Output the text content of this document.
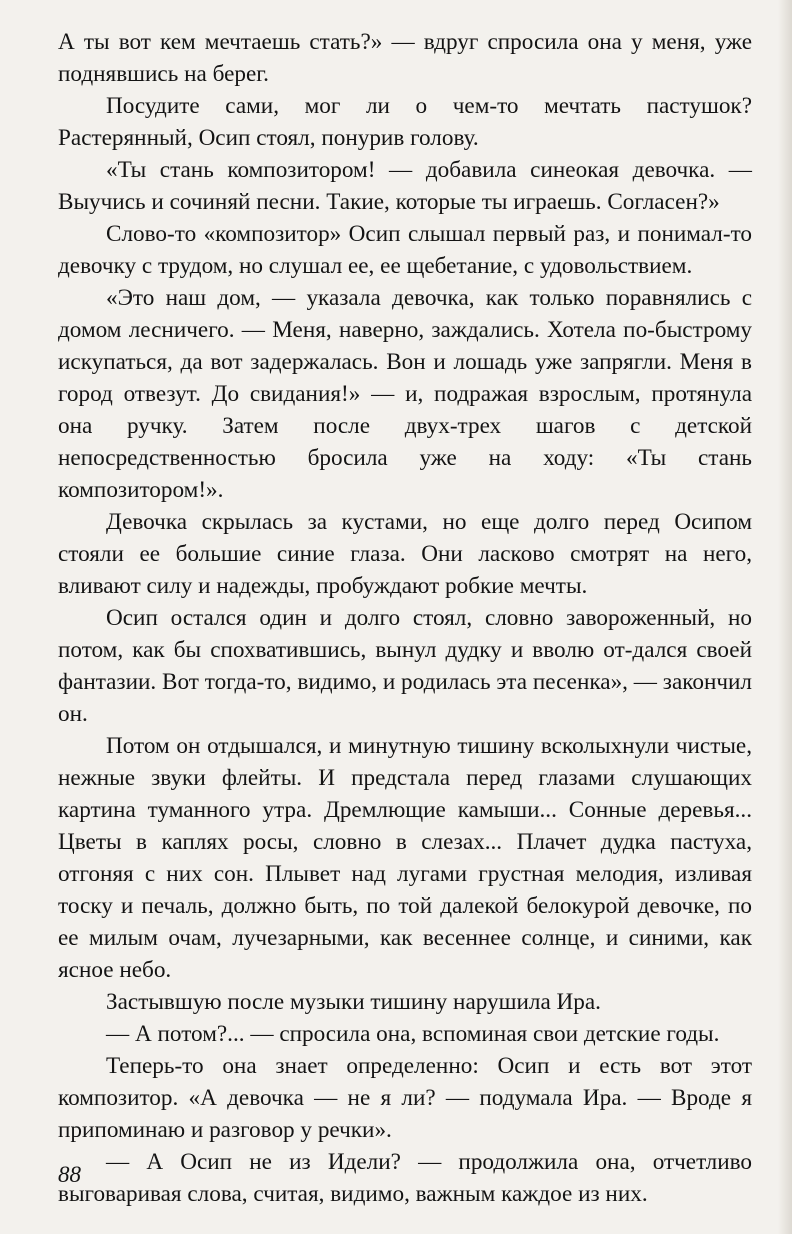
А ты вот кем мечтаешь стать?» — вдруг спросила она у меня, уже поднявшись на берег.

Посудите сами, мог ли о чем-то мечтать пастушок? Растерянный, Осип стоял, понурив голову.

«Ты стань композитором! — добавила синеокая девочка. — Выучись и сочиняй песни. Такие, которые ты играешь. Согласен?»

Слово-то «композитор» Осип слышал первый раз, и понимал-то девочку с трудом, но слушал ее, ее щебетание, с удовольствием.

«Это наш дом, — указала девочка, как только поравнялись с домом лесничего. — Меня, наверно, заждались. Хотела по-быстрому искупаться, да вот задержалась. Вон и лошадь уже запрягли. Меня в город отвезут. До свидания!» — и, подражая взрослым, протянула она ручку. Затем после двух-трех шагов с детской непосредственностью бросила уже на ходу: «Ты стань композитором!».

Девочка скрылась за кустами, но еще долго перед Осипом стояли ее большие синие глаза. Они ласково смотрят на него, вливают силу и надежды, пробуждают робкие мечты.

Осип остался один и долго стоял, словно завороженный, но потом, как бы спохватившись, вынул дудку и вволю от-дался своей фантазии. Вот тогда-то, видимо, и родилась эта песенка», — закончил он.

Потом он отдышался, и минутную тишину всколыхнули чистые, нежные звуки флейты. И предстала перед глазами слушающих картина туманного утра. Дремлющие камыши... Сонные деревья... Цветы в каплях росы, словно в слезах... Плачет дудка пастуха, отгоняя с них сон. Плывет над лугами грустная мелодия, изливая тоску и печаль, должно быть, по той далекой белокурой девочке, по ее милым очам, лучезарными, как весеннее солнце, и синими, как ясное небо.

Застывшую после музыки тишину нарушила Ира.

— А потом?... — спросила она, вспоминая свои детские годы.

Теперь-то она знает определенно: Осип и есть вот этот композитор. «А девочка — не я ли? — подумала Ира. — Вроде я припоминаю и разговор у речки».

— А Осип не из Идели? — продолжила она, отчетливо выговаривая слова, считая, видимо, важным каждое из них.

88
